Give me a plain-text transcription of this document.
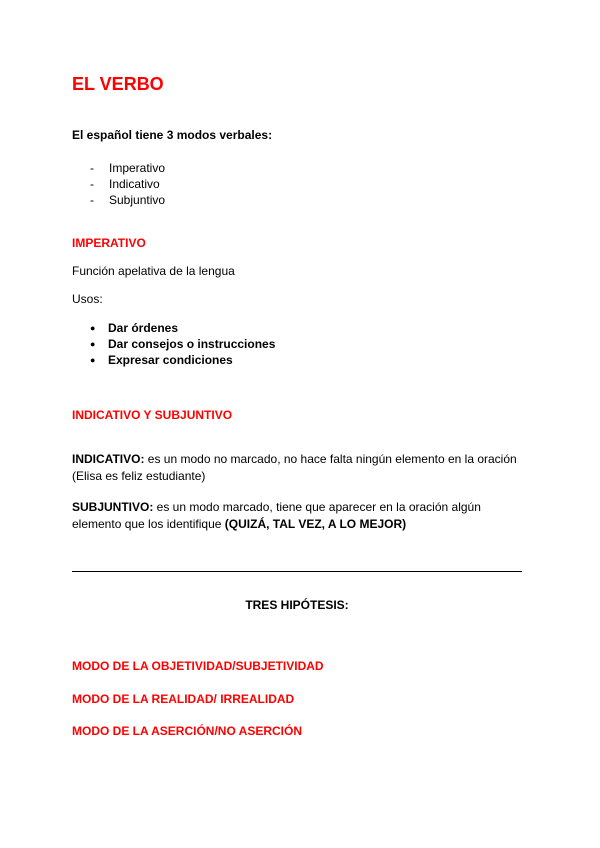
EL VERBO
El español tiene 3 modos verbales:
-	Imperativo
-	Indicativo
-	Subjuntivo
IMPERATIVO
Función apelativa de la lengua
Usos:
●	Dar órdenes
●	Dar consejos o instrucciones
●	Expresar condiciones
INDICATIVO Y SUBJUNTIVO
INDICATIVO: es un modo no marcado, no hace falta ningún elemento en la oración (Elisa es feliz estudiante)
SUBJUNTIVO: es un modo marcado, tiene que aparecer en la oración algún elemento que los identifique (QUIZÁ, TAL VEZ, A LO MEJOR)
TRES HIPÓTESIS:
MODO DE LA OBJETIVIDAD/SUBJETIVIDAD
MODO DE LA REALIDAD/ IRREALIDAD
MODO DE LA ASERCIÓN/NO ASERCIÓN
